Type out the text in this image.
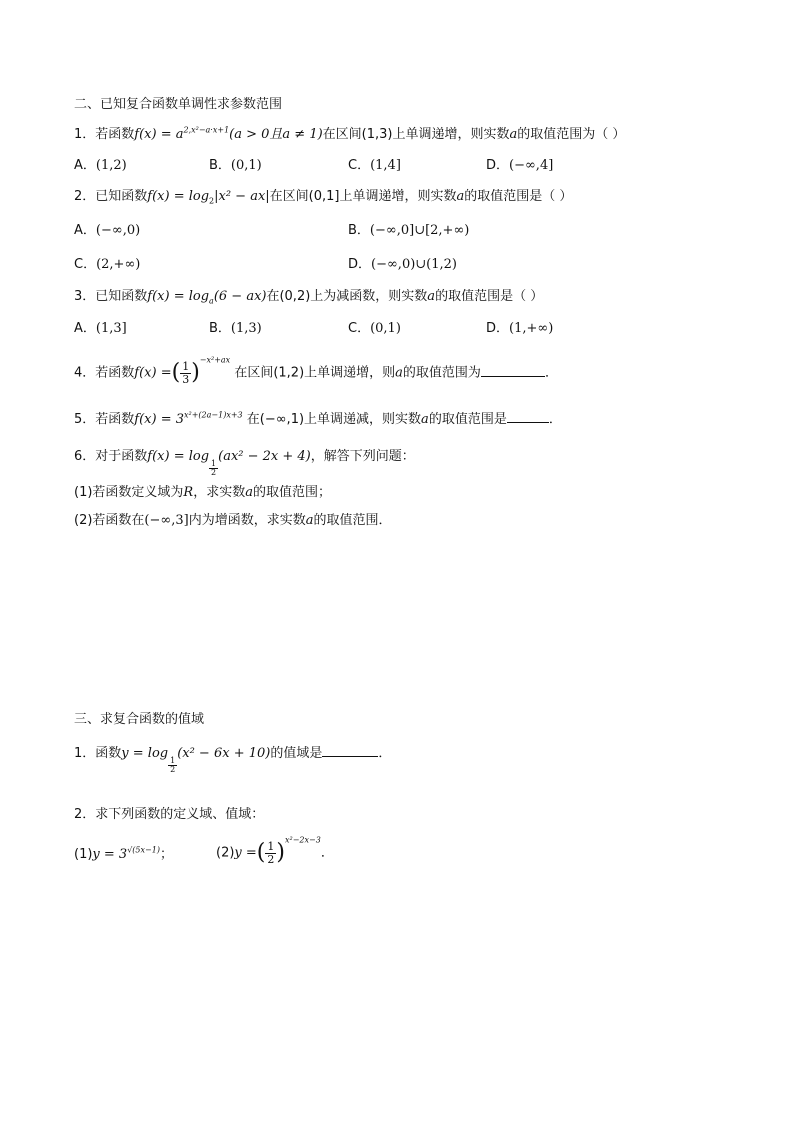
二、已知复合函数单调性求参数范围
1．若函数$f(x) = a^{2,x^2-a\cdot x+1}(a > 0$且a ≠ 1)在区间(1,3)上单调递增，则实数a的取值范围为（ ）
A．(1,2)	B．(0,1)	C．(1,4]	D．(−∞,4]
2．已知函数$f(x) = \log_2|x^2 - ax|$在区间(0,1]上单调递增，则实数a的取值范围是（ ）
A．(−∞,0)	B．(−∞,0]∪[2,+∞)
C．(2,+∞)	D．(−∞,0)∪(1,2)
3．已知函数$f(x) = \log_a(6 - ax)$在(0,2)上为减函数，则实数a的取值范围是（ ）
A．(1,3]	B．(1,3)	C．(0,1)	D．(1,+∞)
4．若函数f(x) =( $\frac{1}{3} )^{-x^2+ax}$ 在区间(1,2)上单调递增，则a的取值范围为	．
5．若函数$f(x) = 3^{x^2+(2a-1)x+3}$ 在(−∞,1)上单调递减，则实数a的取值范围是	．
6．对于函数f(x) = log
$\frac{1}{2}$
(ax² − 2x + 4)，解答下列问题：
(1)若函数定义域为R，求实数a的取值范围；
(2)若函数在(−∞,3]内为增函数，求实数a的取值范围．
三、求复合函数的值域
1．函数y = log
$\frac{1}{2}$
(x² − 6x + 10)的值域是	．
2．求下列函数的定义域、值域：
$(1)y = 3^{√(5x-1)}$；	(2)y =( $\frac{1}{2} )^{x^2-2x-3}$．
